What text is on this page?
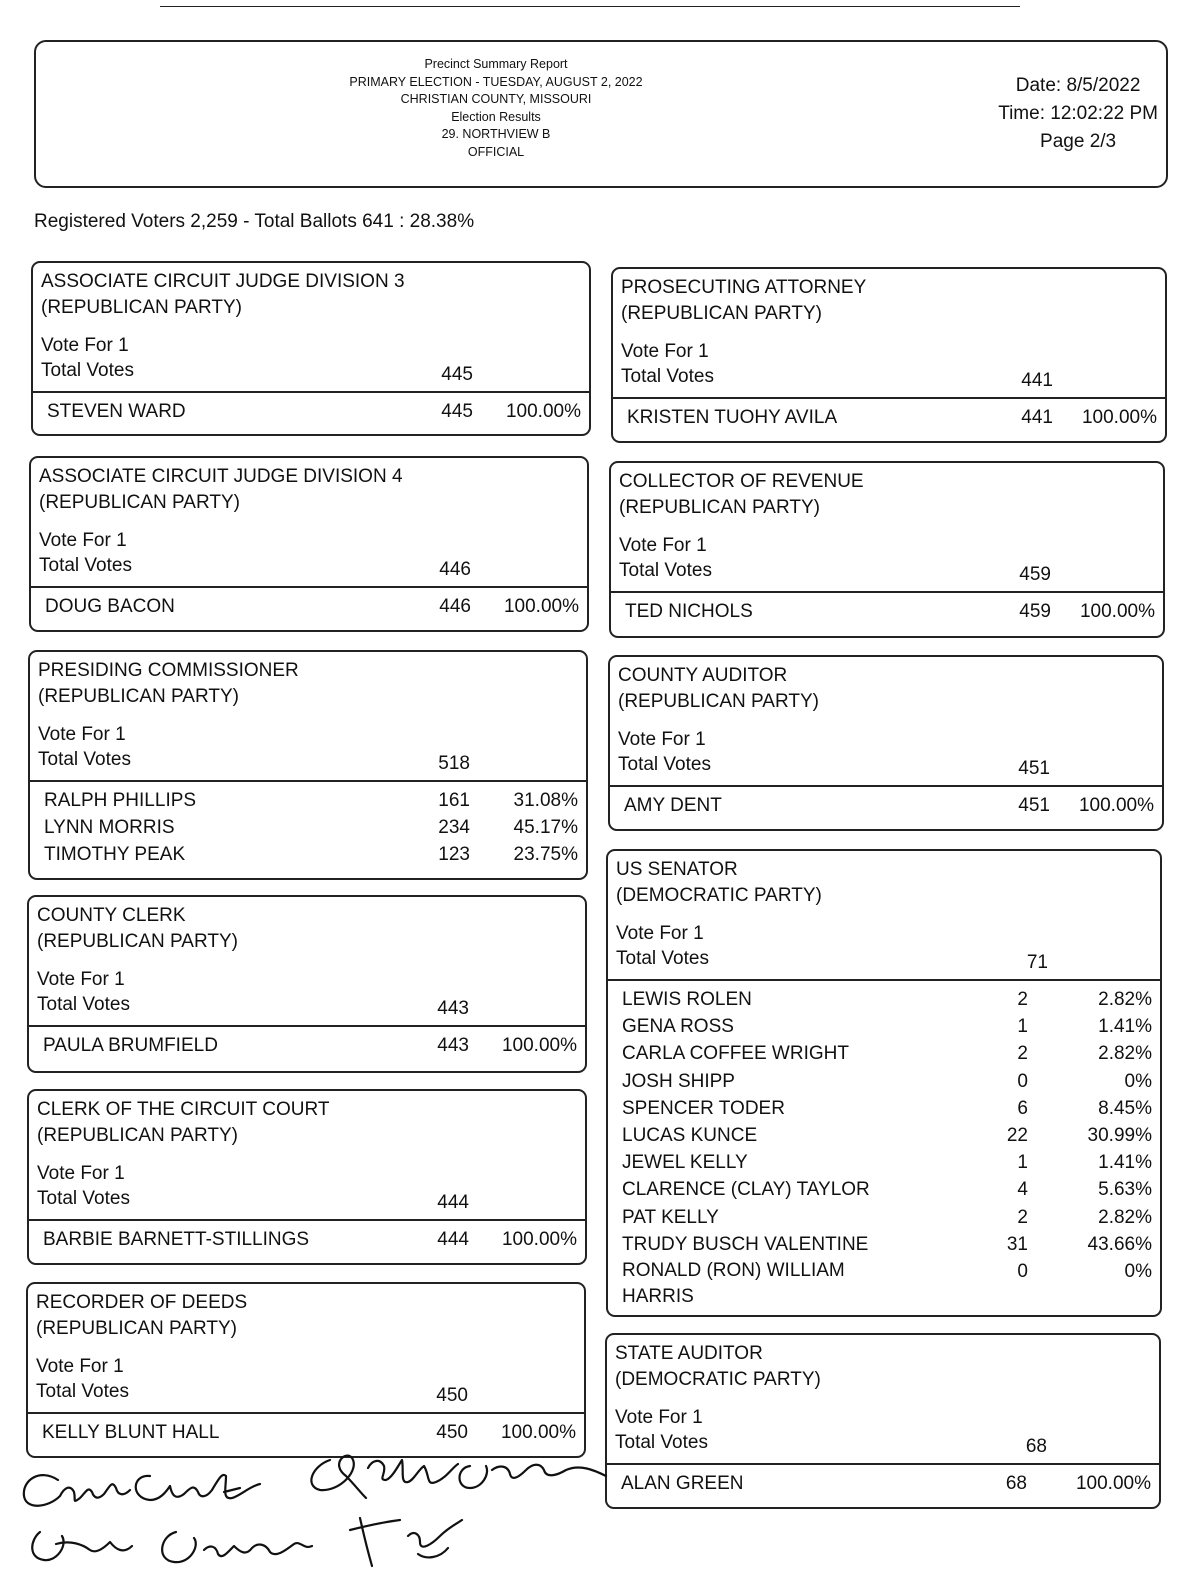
Precinct Summary Report
PRIMARY ELECTION - TUESDAY, AUGUST 2, 2022
CHRISTIAN COUNTY, MISSOURI
Election Results
29. NORTHVIEW B
OFFICIAL
Date: 8/5/2022
Time: 12:02:22 PM
Page 2/3
Registered Voters 2,259 - Total Ballots 641 : 28.38%
ASSOCIATE CIRCUIT JUDGE DIVISION 3
(REPUBLICAN PARTY)
Vote For 1
Total Votes	445
STEVEN WARD	445	100.00%
ASSOCIATE CIRCUIT JUDGE DIVISION 4
(REPUBLICAN PARTY)
Vote For 1
Total Votes	446
DOUG BACON	446	100.00%
PRESIDING COMMISSIONER
(REPUBLICAN PARTY)
Vote For 1
Total Votes	518
RALPH PHILLIPS	161	31.08%
LYNN MORRIS	234	45.17%
TIMOTHY PEAK	123	23.75%
COUNTY CLERK
(REPUBLICAN PARTY)
Vote For 1
Total Votes	443
PAULA BRUMFIELD	443	100.00%
CLERK OF THE CIRCUIT COURT
(REPUBLICAN PARTY)
Vote For 1
Total Votes	444
BARBIE BARNETT-STILLINGS	444	100.00%
RECORDER OF DEEDS
(REPUBLICAN PARTY)
Vote For 1
Total Votes	450
KELLY BLUNT HALL	450	100.00%
PROSECUTING ATTORNEY
(REPUBLICAN PARTY)
Vote For 1
Total Votes	441
KRISTEN TUOHY AVILA	441	100.00%
COLLECTOR OF REVENUE
(REPUBLICAN PARTY)
Vote For 1
Total Votes	459
TED NICHOLS	459	100.00%
COUNTY AUDITOR
(REPUBLICAN PARTY)
Vote For 1
Total Votes	451
AMY DENT	451	100.00%
US SENATOR
(DEMOCRATIC PARTY)
Vote For 1
Total Votes	71
LEWIS ROLEN	2	2.82%
GENA ROSS	1	1.41%
CARLA COFFEE WRIGHT	2	2.82%
JOSH SHIPP	0	0%
SPENCER TODER	6	8.45%
LUCAS KUNCE	22	30.99%
JEWEL KELLY	1	1.41%
CLARENCE (CLAY) TAYLOR	4	5.63%
PAT KELLY	2	2.82%
TRUDY BUSCH VALENTINE	31	43.66%
RONALD (RON) WILLIAM
HARRIS
0	0%
STATE AUDITOR
(DEMOCRATIC PARTY)
Vote For 1
Total Votes	68
ALAN GREEN	68	100.00%
